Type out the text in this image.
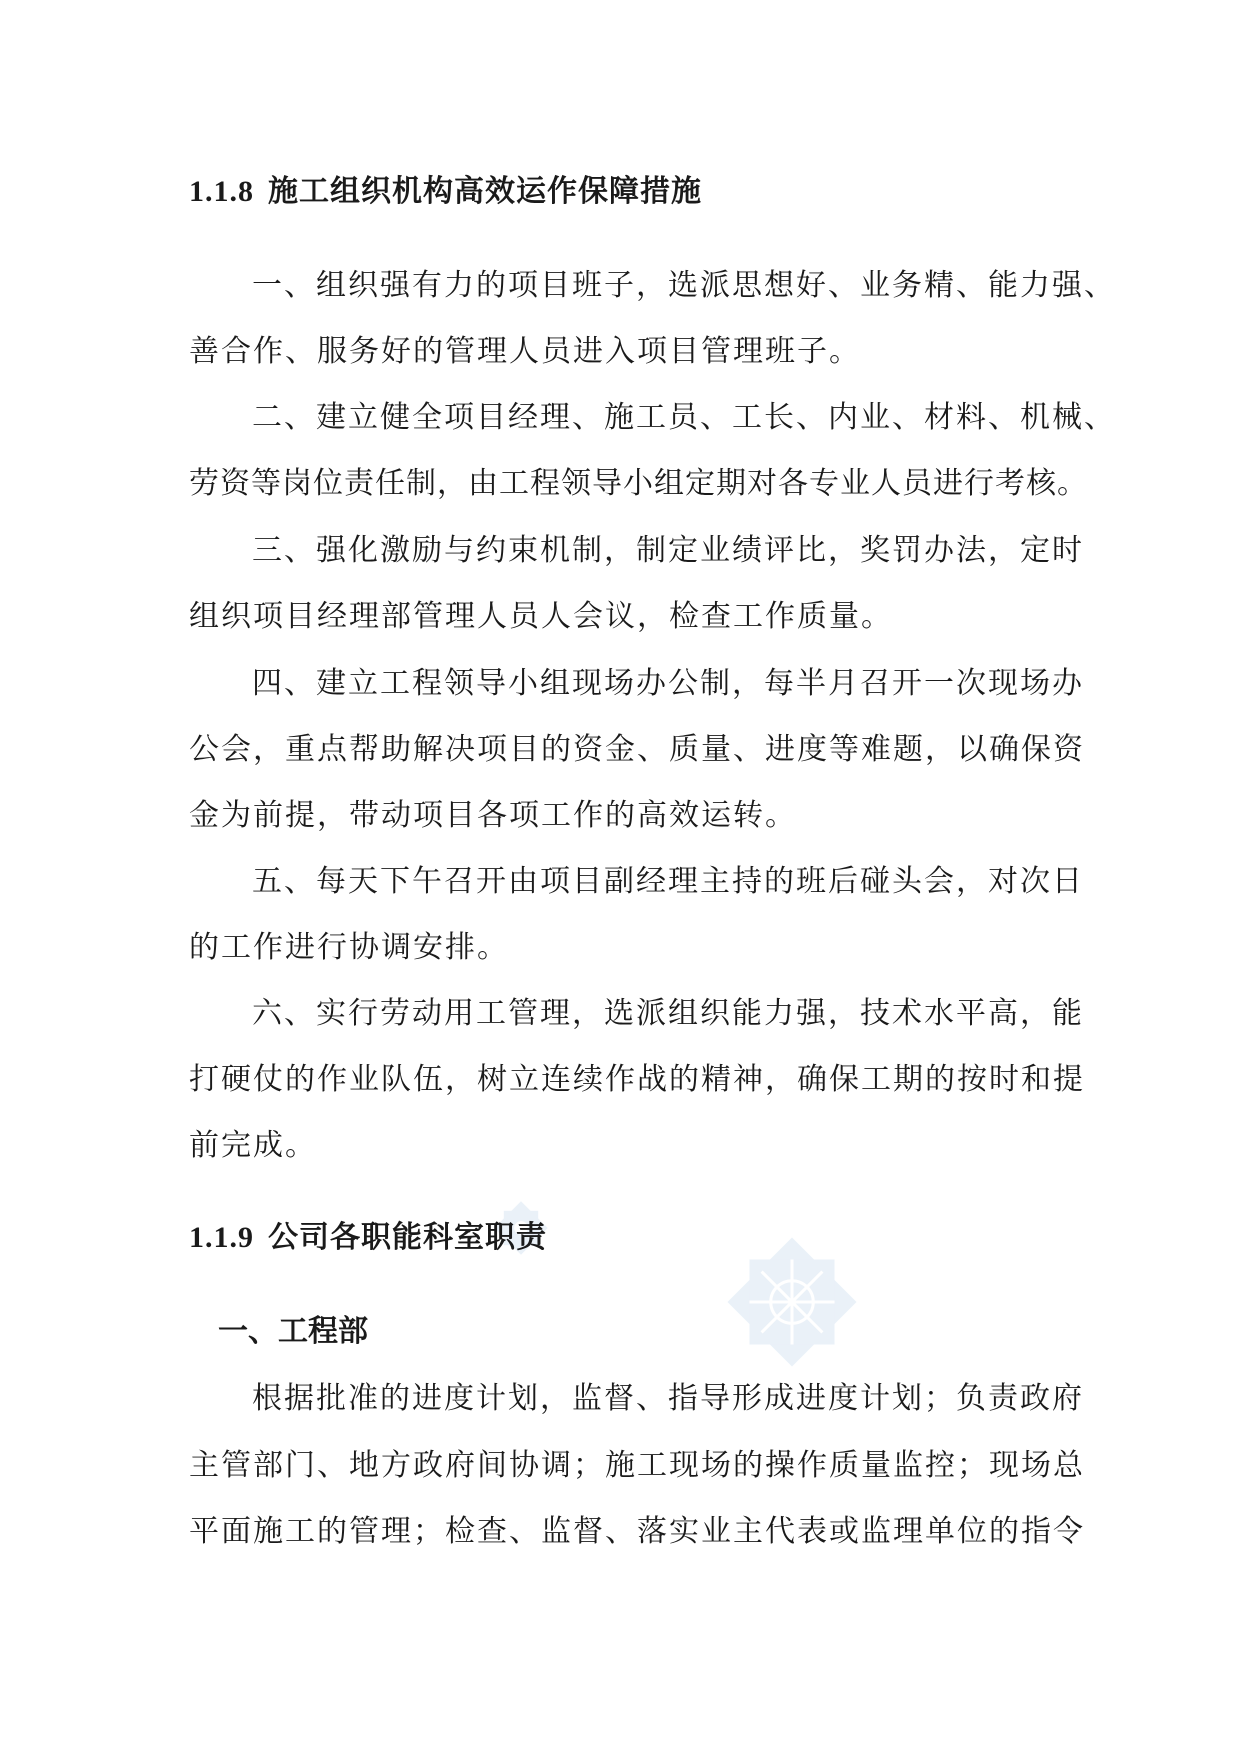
1.1.8 施工组织机构高效运作保障措施
一、组织强有力的项目班子，选派思想好、业务精、能力强、
善合作、服务好的管理人员进入项目管理班子。
二、建立健全项目经理、施工员、工长、内业、材料、机械、
劳资等岗位责任制，由工程领导小组定期对各专业人员进行考核。
三、强化激励与约束机制，制定业绩评比，奖罚办法，定时
组织项目经理部管理人员人会议，检查工作质量。
四、建立工程领导小组现场办公制，每半月召开一次现场办
公会，重点帮助解决项目的资金、质量、进度等难题，以确保资
金为前提，带动项目各项工作的高效运转。
五、每天下午召开由项目副经理主持的班后碰头会，对次日
的工作进行协调安排。
六、实行劳动用工管理，选派组织能力强，技术水平高，能
打硬仗的作业队伍，树立连续作战的精神，确保工期的按时和提
前完成。
1.1.9 公司各职能科室职责
一、工程部
根据批准的进度计划，监督、指导形成进度计划；负责政府
主管部门、地方政府间协调；施工现场的操作质量监控；现场总
平面施工的管理；检查、监督、落实业主代表或监理单位的指令
